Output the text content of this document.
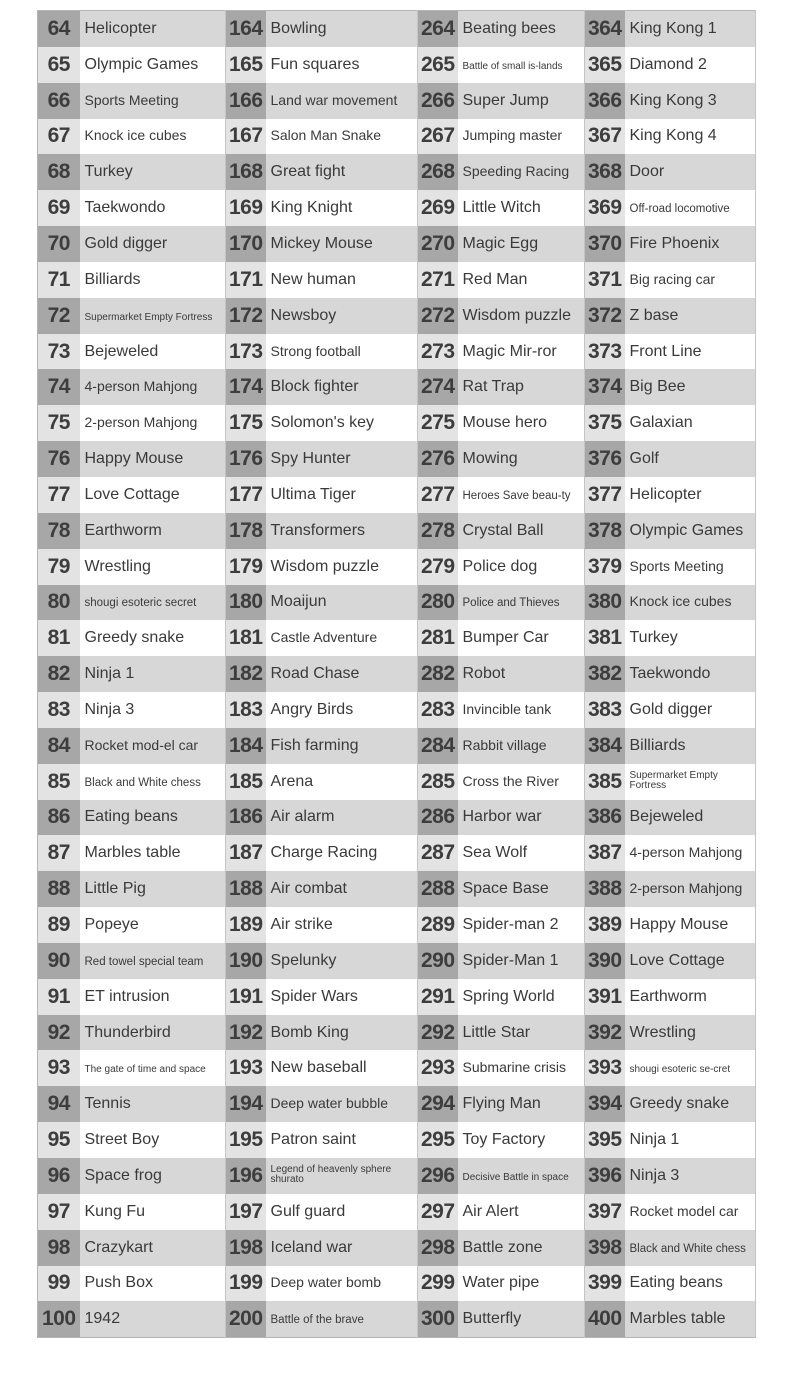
64	Helicopter	164	Bowling	264	Beating bees	364	King Kong 1
65	Olympic Games	165	Fun squares	265	Battle of small is-lands	365	Diamond 2
66	Sports Meeting	166	Land war movement	266	Super Jump	366	King Kong 3
67	Knock ice cubes	167	Salon Man Snake	267	Jumping master	367	King Kong 4
68	Turkey	168	Great fight	268	Speeding Racing	368	Door
69	Taekwondo	169	King Knight	269	Little Witch	369	Off-road locomotive
70	Gold digger	170	Mickey Mouse	270	Magic Egg	370	Fire Phoenix
71	Billiards	171	New human	271	Red Man	371	Big racing car
72	Supermarket Empty Fortress	172	Newsboy	272	Wisdom puzzle	372	Z base
73	Bejeweled	173	Strong football	273	Magic Mir-ror	373	Front Line
74	4-person Mahjong	174	Block fighter	274	Rat Trap	374	Big Bee
75	2-person Mahjong	175	Solomon's key	275	Mouse hero	375	Galaxian
76	Happy Mouse	176	Spy Hunter	276	Mowing	376	Golf
77	Love Cottage	177	Ultima Tiger	277	Heroes Save beau-ty	377	Helicopter
78	Earthworm	178	Transformers	278	Crystal Ball	378	Olympic Games
79	Wrestling	179	Wisdom puzzle	279	Police dog	379	Sports Meeting
80	shougi esoteric secret	180	Moaijun	280	Police and Thieves	380	Knock ice cubes
81	Greedy snake	181	Castle Adventure	281	Bumper Car	381	Turkey
82	Ninja 1	182	Road Chase	282	Robot	382	Taekwondo
83	Ninja 3	183	Angry Birds	283	Invincible tank	383	Gold digger
84	Rocket mod-el car	184	Fish farming	284	Rabbit village	384	Billiards
85	Black and White chess	185	Arena	285	Cross the River	385	Supermarket Empty Fortress
86	Eating beans	186	Air alarm	286	Harbor war	386	Bejeweled
87	Marbles table	187	Charge Racing	287	Sea Wolf	387	4-person Mahjong
88	Little Pig	188	Air combat	288	Space Base	388	2-person Mahjong
89	Popeye	189	Air strike	289	Spider-man 2	389	Happy Mouse
90	Red towel special team	190	Spelunky	290	Spider-Man 1	390	Love Cottage
91	ET intrusion	191	Spider Wars	291	Spring World	391	Earthworm
92	Thunderbird	192	Bomb King	292	Little Star	392	Wrestling
93	The gate of time and space	193	New baseball	293	Submarine crisis	393	shougi esoteric se-cret
94	Tennis	194	Deep water bubble	294	Flying Man	394	Greedy snake
95	Street Boy	195	Patron saint	295	Toy Factory	395	Ninja 1
96	Space frog	196	Legend of heavenly sphere shurato	296	Decisive Battle in space	396	Ninja 3
97	Kung Fu	197	Gulf guard	297	Air Alert	397	Rocket model car
98	Crazykart	198	Iceland war	298	Battle zone	398	Black and White chess
99	Push Box	199	Deep water bomb	299	Water pipe	399	Eating beans
100	1942	200	Battle of the brave	300	Butterfly	400	Marbles table
